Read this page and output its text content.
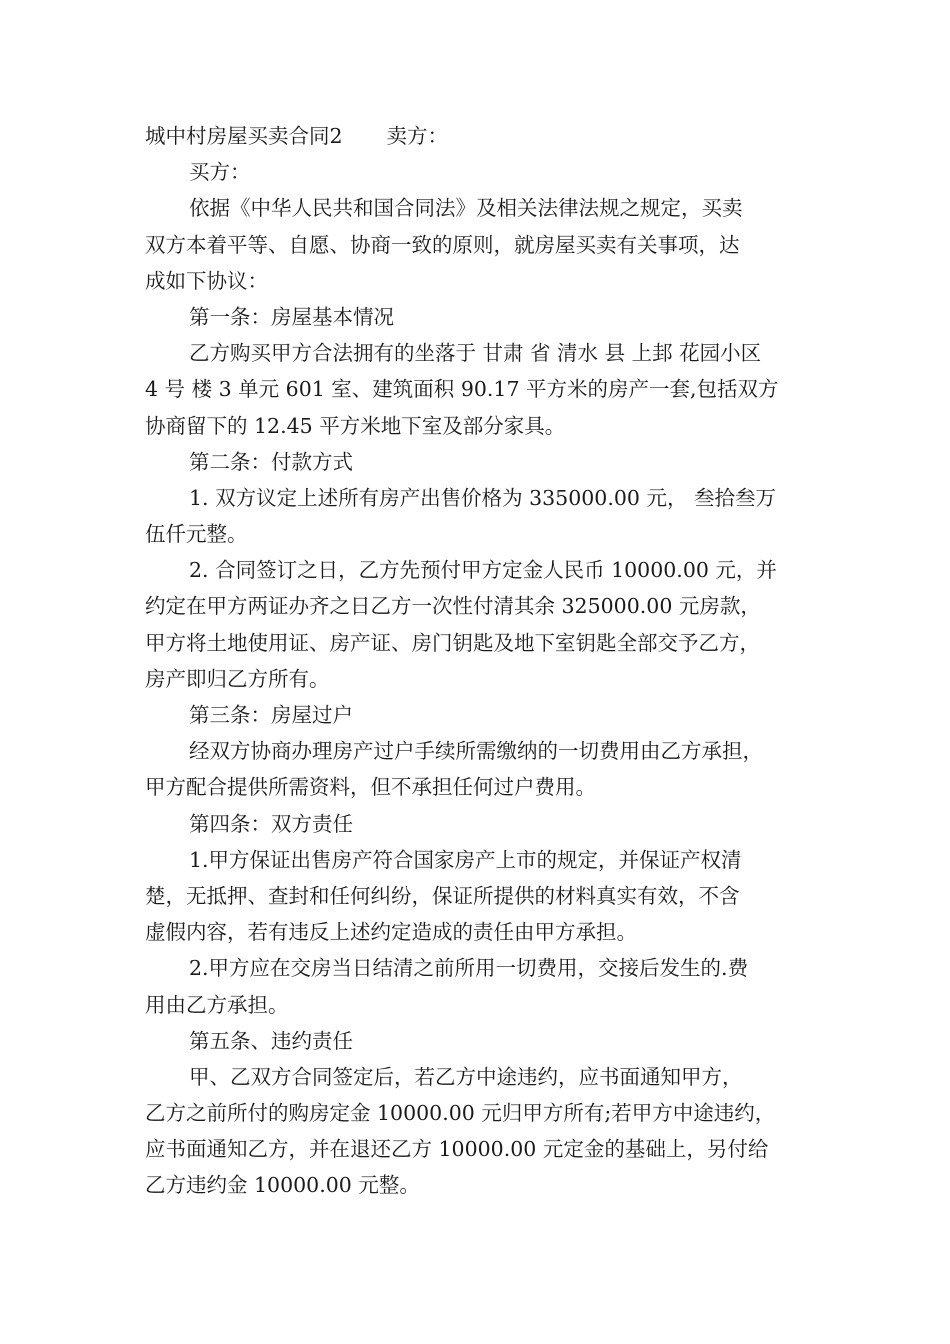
城中村房屋买卖合同2 卖方：

买方：

依据《中华人民共和国合同法》及相关法律法规之规定，买卖

双方本着平等、自愿、协商一致的原则，就房屋买卖有关事项，达

成如下协议：

第一条：房屋基本情况

乙方购买甲方合法拥有的坐落于 甘肃 省 清水 县 上邽 花园小区

4 号 楼 3 单元 601 室、建筑面积 90.17 平方米的房产一套,包括双方

协商留下的 12.45 平方米地下室及部分家具。

第二条：付款方式

1. 双方议定上述所有房产出售价格为 335000.00 元， 叁拾叁万

伍仟元整。

2. 合同签订之日，乙方先预付甲方定金人民币 10000.00 元，并

约定在甲方两证办齐之日乙方一次性付清其余 325000.00 元房款，

甲方将土地使用证、房产证、房门钥匙及地下室钥匙全部交予乙方，

房产即归乙方所有。

第三条：房屋过户

经双方协商办理房产过户手续所需缴纳的一切费用由乙方承担，

甲方配合提供所需资料，但不承担任何过户费用。

第四条：双方责任

1.甲方保证出售房产符合国家房产上市的规定，并保证产权清

楚，无抵押、查封和任何纠纷，保证所提供的材料真实有效，不含

虚假内容，若有违反上述约定造成的责任由甲方承担。

2.甲方应在交房当日结清之前所用一切费用，交接后发生的.费

用由乙方承担。

第五条、违约责任

甲、乙双方合同签定后，若乙方中途违约，应书面通知甲方，

乙方之前所付的购房定金 10000.00 元归甲方所有;若甲方中途违约，

应书面通知乙方，并在退还乙方 10000.00 元定金的基础上，另付给

乙方违约金 10000.00 元整。
